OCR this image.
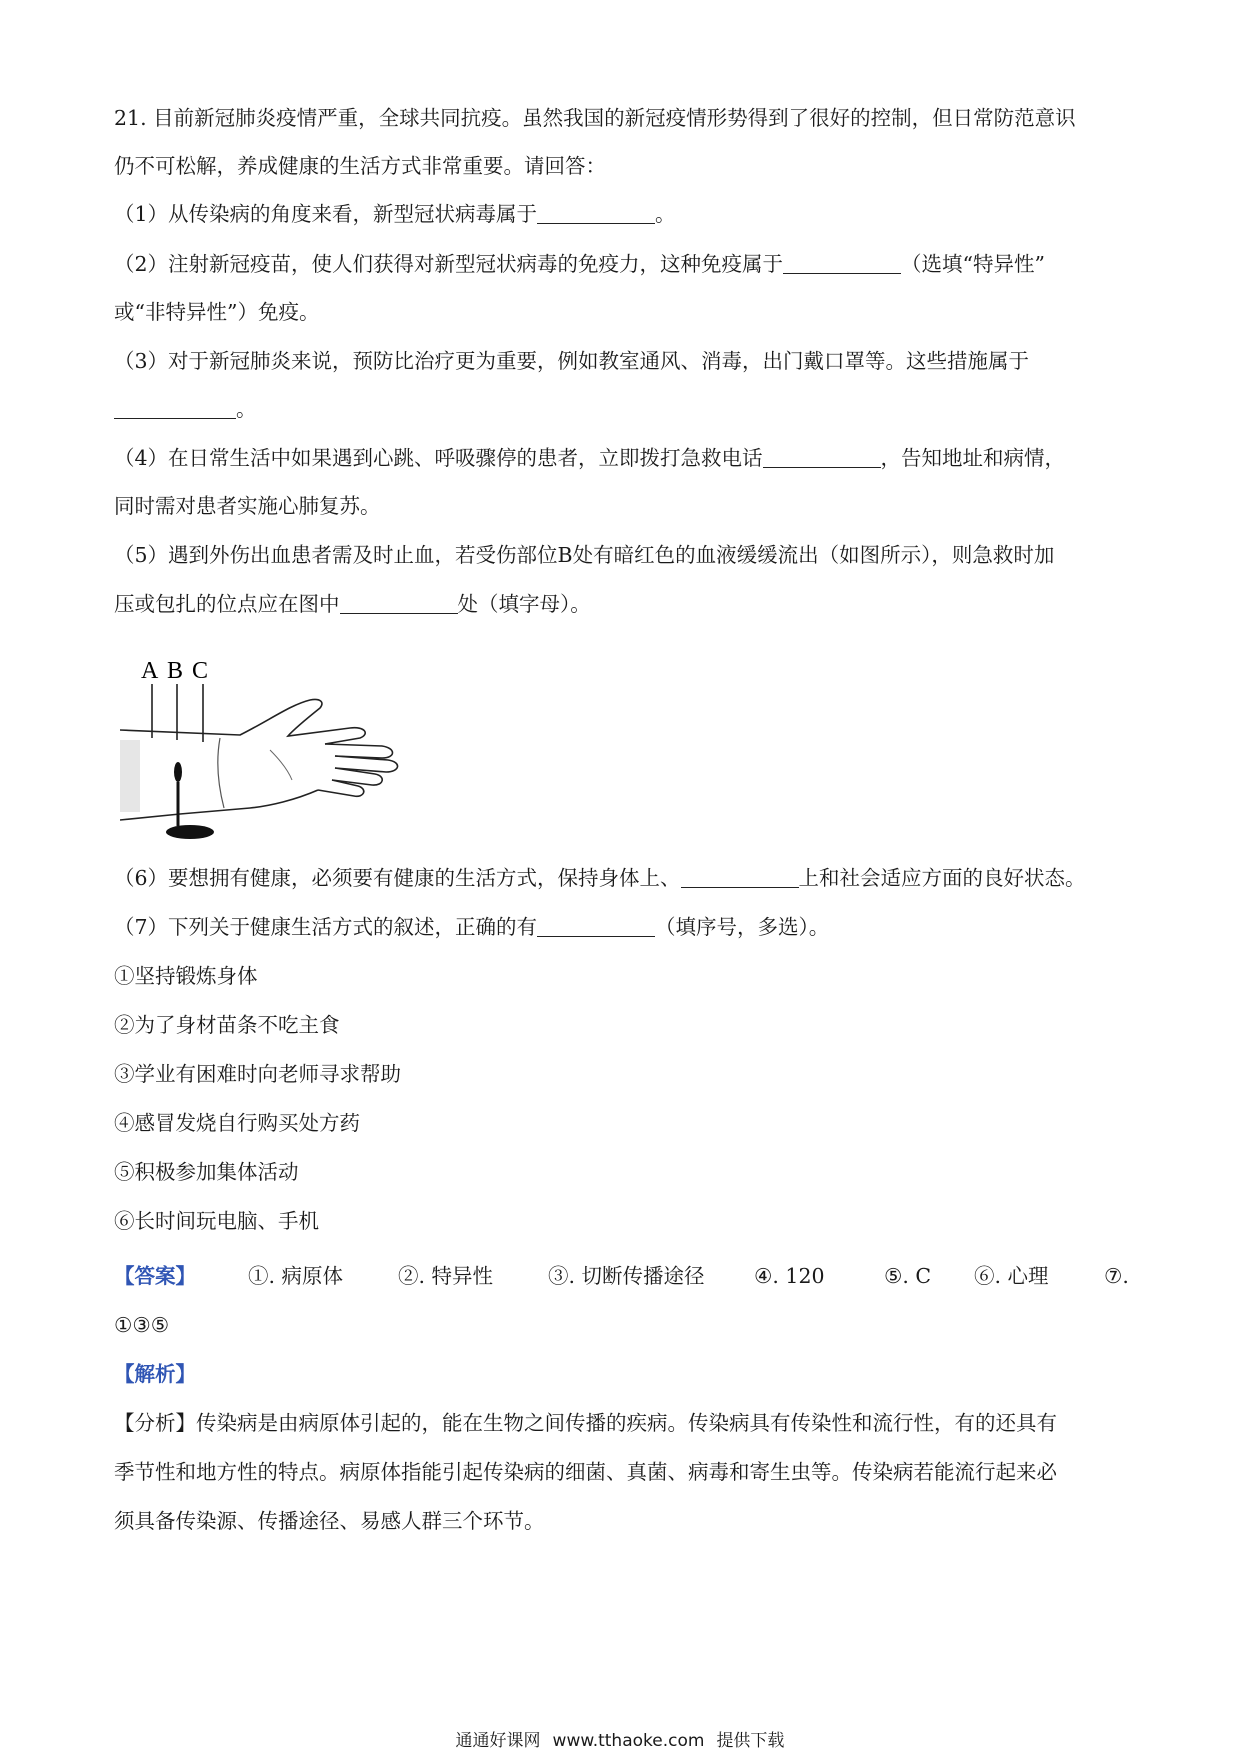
21. 目前新冠肺炎疫情严重，全球共同抗疫。虽然我国的新冠疫情形势得到了很好的控制，但日常防范意识
仍不可松解，养成健康的生活方式非常重要。请回答：
（1）从传染病的角度来看，新型冠状病毒属于	。
（2）注射新冠疫苗，使人们获得对新型冠状病毒的免疫力，这种免疫属于	（选填“特异性”
或“非特异性”）免疫。
（3）对于新冠肺炎来说，预防比治疗更为重要，例如教室通风、消毒，出门戴口罩等。这些措施属于
。
（4）在日常生活中如果遇到心跳、呼吸骤停的患者，立即拨打急救电话	，告知地址和病情，
同时需对患者实施心肺复苏。
（5）遇到外伤出血患者需及时止血，若受伤部位B处有暗红色的血液缓缓流出（如图所示），则急救时加
压或包扎的位点应在图中	处（填字母）。
A B C
（6）要想拥有健康，必须要有健康的生活方式，保持身体上、	上和社会适应方面的良好状态。
（7）下列关于健康生活方式的叙述，正确的有	（填序号，多选）。
①坚持锻炼身体
②为了身材苗条不吃主食
③学业有困难时向老师寻求帮助
④感冒发烧自行购买处方药
⑤积极参加集体活动
⑥长时间玩电脑、手机
【答案】	①. 病原体	②. 特异性	③. 切断传播途径 ④. 120	⑤. C ⑥. 心理	⑦.
①③⑤
【解析】
【分析】传染病是由病原体引起的，能在生物之间传播的疾病。传染病具有传染性和流行性，有的还具有
季节性和地方性的特点。病原体指能引起传染病的细菌、真菌、病毒和寄生虫等。传染病若能流行起来必
须具备传染源、传播途径、易感人群三个环节。
通通好课网 www.tthaoke.com 提供下载
